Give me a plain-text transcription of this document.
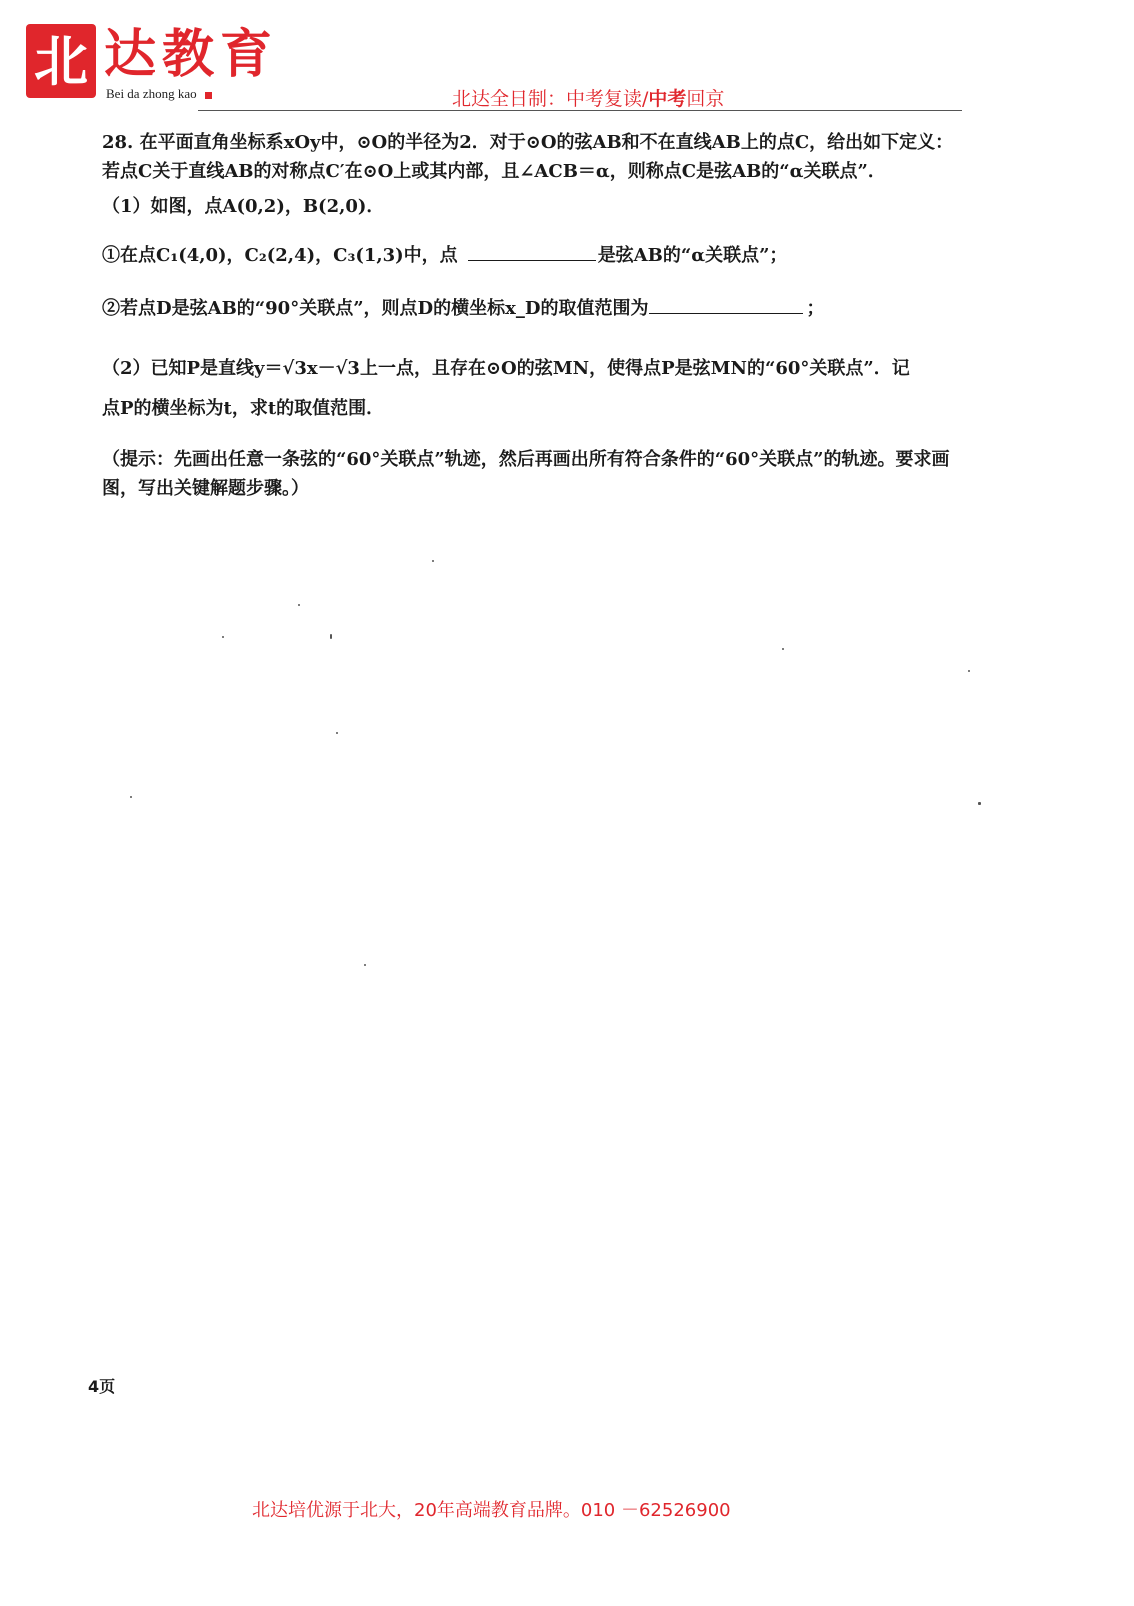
北 达教育
Bei da zhong kao	北达全日制：中考复读/中考回京

28. 在平面直角坐标系xOy中，⊙O的半径为2．对于⊙O的弦AB和不在直线AB上的点C，给出如下定义：若点C关于直线AB的对称点C′在⊙O上或其内部，且∠ACB＝α，则称点C是弦AB的“α关联点”．

（1）如图，点A(0,2)，B(2,0)．

①在点C₁(4,0)，C₂(2,4)，C₃(1,3)中，点	是弦AB的“α关联点”；

②若点D是弦AB的“90°关联点”，则点D的横坐标x_D的取值范围为	；

（2）已知P是直线y＝√3x－√3上一点，且存在⊙O的弦MN，使得点P是弦MN的“60°关联点”．记

点P的横坐标为t，求t的取值范围．

（提示：先画出任意一条弦的“60°关联点”轨迹，然后再画出所有符合条件的“60°关联点”的轨迹。要求画图，写出关键解题步骤。）

4页
北达培优源于北大，20年高端教育品牌。010 －62526900
